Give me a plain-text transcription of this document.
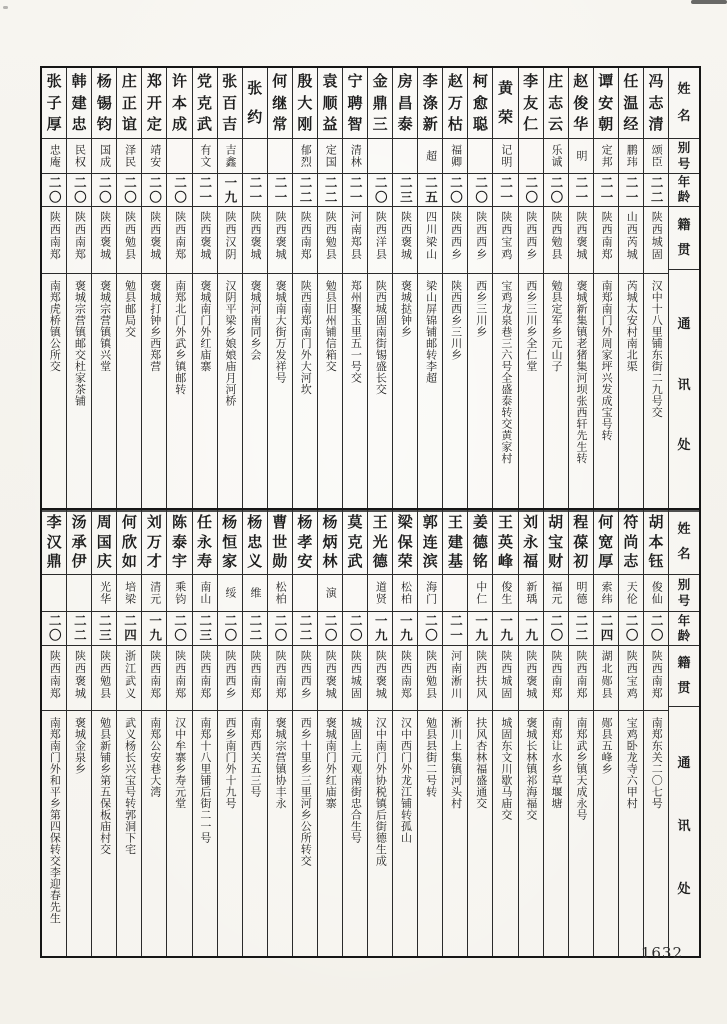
姓
名
别
号
年
龄
籍
贯
通
讯
处
冯
志
清
颂臣
二二
陕西城固
汉中十八里铺东街二九号交
任
温
经
鹏玮
二一
山西芮城
芮城太安村南北渠
谭
安
朝
定邦
二一
陕西南郑
南郑南门外周家坪兴发成宝号转
赵
俊
华
明
二一
陕西褒城
褒城新集镇老猪集河坝张西轩先生转
庄
志
云
乐诚
二〇
陕西勉县
勉县定军乡元山子
李
友
仁
二〇
陕西西乡
西乡三川乡全仁堂
黄
荣
记明
二一
陕西宝鸡
宝鸡龙泉巷三六号全盛泰转交黄家村
柯
愈
聪
二〇
陕西西乡
西乡三川乡
赵
万
枯
福卿
二〇
陕西西乡
陕西西乡三川乡
李
涤
新
超
二五
四川梁山
梁山屏锦铺邮转李超
房
昌
泰
二三
陕西褒城
褒城挞钟乡
金
鼎
三
二〇
陕西洋县
陕西城固南街锡盛长交
宁
聘
智
清林
二一
河南郑县
郑州聚玉里五一号交
袁
顺
益
定国
二二
陕西勉县
勉县旧州铺信箱交
殷
大
刚
郁烈
二二
陕西南郑
陕西南郑南门外大河坎
何
继
常
二一
陕西褒城
褒城南大街万发祥号
张
约
二一
陕西褒城
褒城河南同乡会
张
百
吉
吉鑫
一九
陕西汉阴
汉阴平梁乡娘娘庙月河桥
党
克
武
有文
二一
陕西褒城
褒城南门外红庙寨
许
本
成
二〇
陕西南郑
南郑北门外武乡镇邮转
郑
开
定
靖安
二〇
陕西褒城
褒城打钟乡西郑营
庄
正
谊
泽民
二〇
陕西勉县
勉县邮局交
杨
锡
钧
国成
二〇
陕西褒城
褒城宗营镇镇兴堂
韩
建
忠
民权
二〇
陕西南郑
褒城宗营镇邮交杜家茶铺
张
子
厚
忠庵
二〇
陕西南郑
南郑虎桥镇公所交
姓
名
别
号
年
龄
籍
贯
通
讯
处
胡
本
钰
俊仙
二〇
陕西南郑
南郑东关二〇七号
符
尚
志
天伦
二〇
陕西宝鸡
宝鸡卧龙寺六甲村
何
宽
厚
索纬
二四
湖北郧县
郧县五峰乡
程
葆
初
明德
二二
陕西南郑
南郑武乡镇天成永号
胡
宝
财
福元
二〇
陕西南郑
南郑让水乡草堰塘
刘
永
福
新瑀
一九
陕西褒城
褒城长林镇祁海福交
王
英
峰
俊生
一九
陕西城固
城固东文川歇马庙交
姜
德
铭
中仁
一九
陕西扶风
扶风杏林福盛通交
王
建
基
二一
河南淅川
淅川上集镇河头村
郭
连
滨
海门
二〇
陕西勉县
勉县县街二号转
梁
保
荣
松柏
一九
陕西南郑
汉中西门外龙江铺转孤山
王
光
德
道贤
一九
陕西褒城
汉中南门外协税镇后街德生成
莫
克
武
二〇
陕西城固
城固上元观南街忠合生号
杨
炳
林
演
二〇
陕西褒城
褒城南门外红庙寨
杨
孝
安
二二
陕西西乡
西乡十里乡三里河乡公所转交
曹
世
勋
松柏
二〇
陕西南郑
褒城宗营镇协丰永
杨
忠
义
维
二二
陕西南郑
南郑西关五三号
杨
恒
家
绥
二〇
陕西西乡
西乡南门外十九号
任
永
寿
南山
二三
陕西南郑
南郑十八里铺后街二一号
陈
泰
宇
乘钧
二〇
陕西南郑
汉中牟寨乡寿元堂
刘
万
才
清元
一九
陕西南郑
南郑公安巷大湾
何
欣
如
培梁
二四
浙江武义
武义杨长兴宝号转郭洞下宅
周
国
庆
光华
二三
陕西勉县
勉县新铺乡第五保板庙村交
汤
承
伊
二二
陕西褒城
褒城金泉乡
李
汉
鼎
二〇
陕西南郑
南郑南门外和平乡第四保转交李迎春先生
1632
